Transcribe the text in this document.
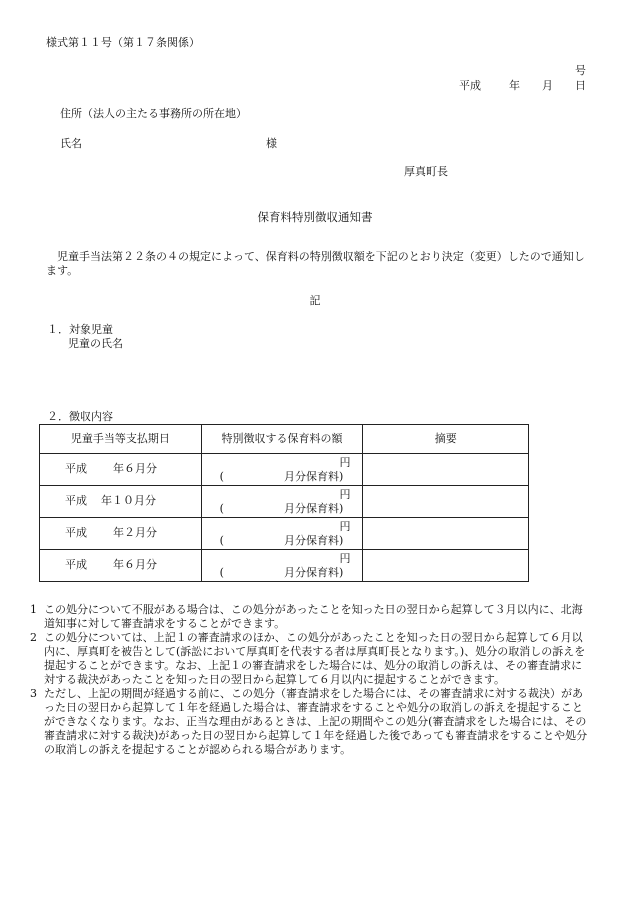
様式第１１号（第１７条関係）
号
平成	年 月 日
住所（法人の主たる事務所の所在地）
氏名	様
厚真町長
保育料特別徴収通知書
児童手当法第２２条の４の規定によって、保育料の特別徴収額を下記のとおり決定（変更）したので通知します。
記
１．対象児童
児童の氏名
２．徴収内容
児童手当等支払期日	特別徴収する保育料の額	摘要
平成 年６月分	円
( 月分保育料)	

平成 年１０月分	円
( 月分保育料)	

平成 年２月分	円
( 月分保育料)	

平成 年６月分	円
( 月分保育料)	

1 この処分について不服がある場合は、この処分があったことを知った日の翌日から起算して３月以内に、北海道知事に対して審査請求をすることができます。

2 この処分については、上記１の審査請求のほか、この処分があったことを知った日の翌日から起算して６月以内に、厚真町を被告として(訴訟において厚真町を代表する者は厚真町長となります。)、処分の取消しの訴えを提起することができます。なお、上記１の審査請求をした場合には、処分の取消しの訴えは、その審査請求に対する裁決があったことを知った日の翌日から起算して６月以内に提起することができます。

3 ただし、上記の期間が経過する前に、この処分（審査請求をした場合には、その審査請求に対する裁決）があった日の翌日から起算して１年を経過した場合は、審査請求をすることや処分の取消しの訴えを提起することができなくなります。なお、正当な理由があるときは、上記の期間やこの処分(審査請求をした場合には、その審査請求に対する裁決)があった日の翌日から起算して１年を経過した後であっても審査請求をすることや処分の取消しの訴えを提起することが認められる場合があります。
